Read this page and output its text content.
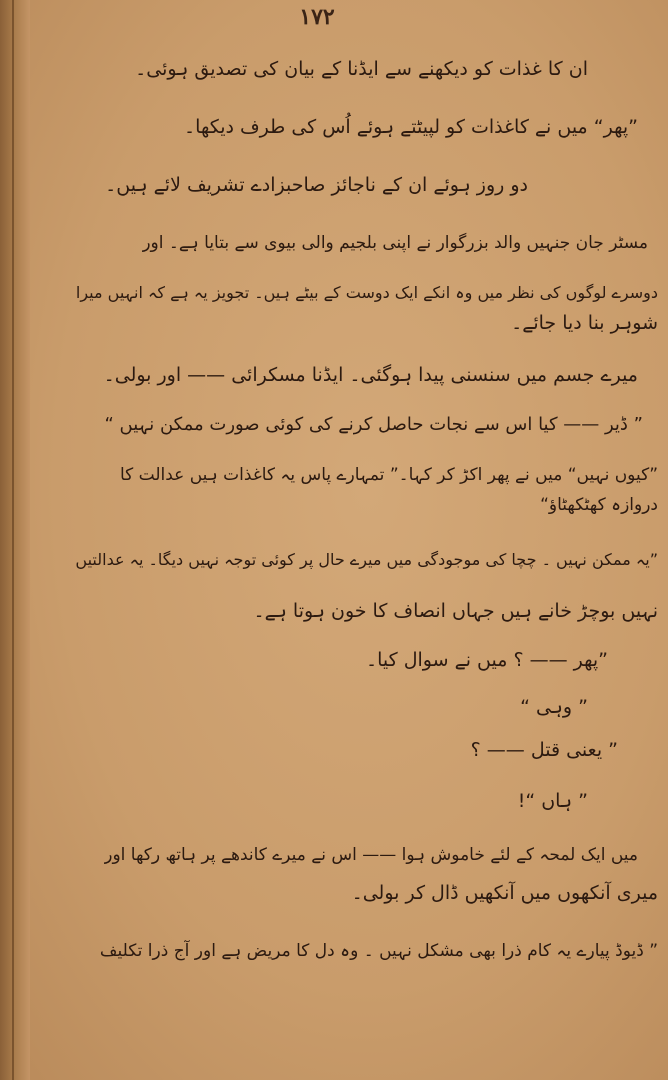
۱۷۲
ان کا غذات کو دیکھنے سے ایڈنا کے بیان کی تصدیق ہوئی۔
”پھر“ میں نے کاغذات کو لپیٹتے ہوئے اُس کی طرف دیکھا۔
دو روز ہوئے ان کے ناجائز صاحبزادے تشریف لائے ہیں۔
مسٹر جان جنہیں والد بزرگوار نے اپنی بلجیم والی بیوی سے بتایا ہے۔ اور
دوسرے لوگوں کی نظر میں وہ انکے ایک دوست کے بیٹے ہیں۔ تجویز یہ ہے کہ انہیں میرا
شوہر بنا دیا جائے۔
میرے جسم میں سنسنی پیدا ہوگئی۔ ایڈنا مسکرائی —— اور بولی۔
” ڈیر —— کیا اس سے نجات حاصل کرنے کی کوئی صورت ممکن نہیں “
”کیوں نہیں“ میں نے پھر اکڑ کر کہا۔” تمہارے پاس یہ کاغذات ہیں عدالت کا
دروازہ کھٹکھٹاؤ“
”یہ ممکن نہیں ۔ چچا کی موجودگی میں میرے حال پر کوئی توجہ نہیں دیگا۔ یہ عدالتیں
نہیں بوچڑ خانے ہیں جہاں انصاف کا خون ہوتا ہے۔
”پھر —— ؟ میں نے سوال کیا۔
” وہی “
” یعنی قتل —— ؟
” ہاں “!
میں ایک لمحہ کے لئے خاموش ہوا —— اس نے میرے کاندھے پر ہاتھ رکھا اور
میری آنکھوں میں آنکھیں ڈال کر بولی۔
” ڈیوڈ پیارے یہ کام ذرا بھی مشکل نہیں ۔ وہ دل کا مریض ہے اور آج ذرا تکلیف
